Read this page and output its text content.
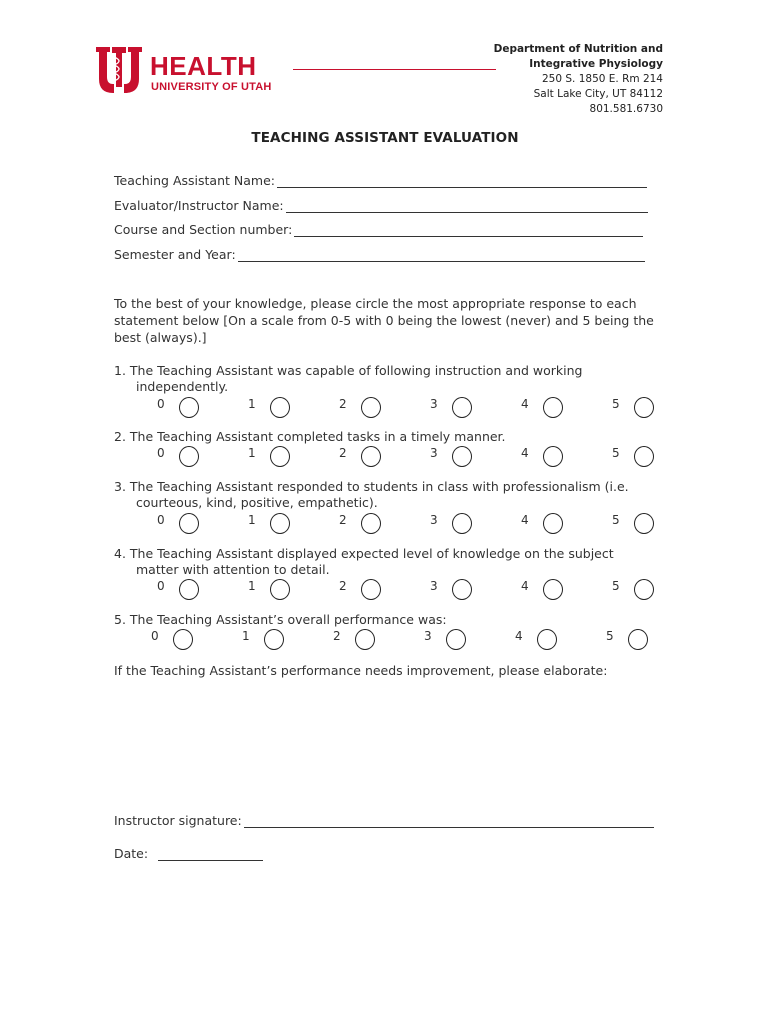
HEALTH
UNIVERSITY OF UTAH
Department of Nutrition and
Integrative Physiology
250 S. 1850 E. Rm 214
Salt Lake City, UT 84112
801.581.6730
TEACHING ASSISTANT EVALUATION
Teaching Assistant Name:
Evaluator/Instructor Name:
Course and Section number:
Semester and Year:
To the best of your knowledge, please circle the most appropriate response to each statement below [On a scale from 0-5 with 0 being the lowest (never) and 5 being the best (always).]
1. The Teaching Assistant was capable of following instruction and working
independently.
2. The Teaching Assistant completed tasks in a timely manner.
3. The Teaching Assistant responded to students in class with professionalism (i.e.
courteous, kind, positive, empathetic).
4. The Teaching Assistant displayed expected level of knowledge on the subject
matter with attention to detail.
5. The Teaching Assistant’s overall performance was:
0	1	2	3	4	5
0	1	2	3	4	5
0	1	2	3	4	5
0	1	2	3	4	5
0	1	2	3	4	5
If the Teaching Assistant’s performance needs improvement, please elaborate:
Instructor signature:
Date:
